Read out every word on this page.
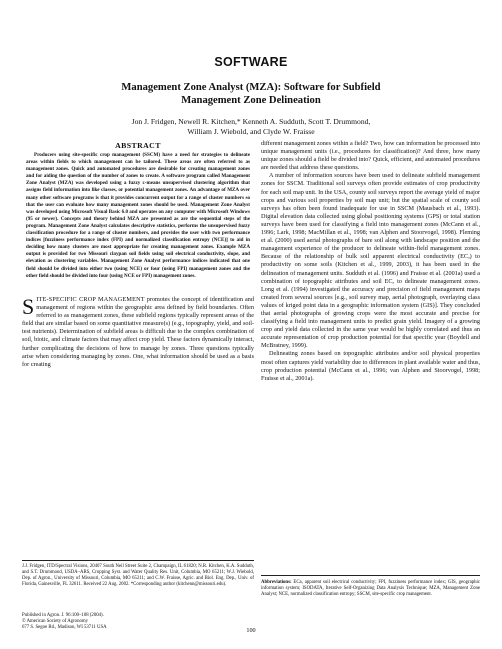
SOFTWARE
Management Zone Analyst (MZA): Software for Subfield
Management Zone Delineation
Jon J. Fridgen, Newell R. Kitchen,* Kenneth A. Sudduth, Scott T. Drummond,
William J. Wiebold, and Clyde W. Fraisse
ABSTRACT

Producers using site-specific crop management (SSCM) have a need for strategies to delineate areas within fields to which management can be tailored. These areas are often referred to as management zones. Quick and automated procedures are desirable for creating management zones and for aiding the question of the number of zones to create. A software program called Management Zone Analyst (MZA) was developed using a fuzzy c-means unsupervised clustering algorithm that assigns field information into like classes, or potential management zones. An advantage of MZA over many other software programs is that it provides concurrent output for a range of cluster numbers so that the user can evaluate how many management zones should be used. Management Zone Analyst was developed using Microsoft Visual Basic 6.0 and operates on any computer with Microsoft Windows (95 or newer). Concepts and theory behind MZA are presented as are the sequential steps of the program. Management Zone Analyst calculates descriptive statistics, performs the unsupervised fuzzy classification procedure for a range of cluster numbers, and provides the user with two performance indices [fuzziness performance index (FPI) and normalized classification entropy (NCE)] to aid in deciding how many clusters are most appropriate for creating management zones. Example MZA output is provided for two Missouri claypan soil fields using soil electrical conductivity, slope, and elevation as clustering variables. Management Zone Analyst performance indices indicated that one field should be divided into either two (using NCE) or four (using FPI) management zones and the other field should be divided into four (using NCE or FPI) management zones.

SITE-SPECIFIC CROP MANAGEMENT promotes the concept of identification and management of regions within the geographic area defined by field boundaries. Often referred to as management zones, these subfield regions typically represent areas of the field that are similar based on some quantitative measure(s) (e.g., topography, yield, and soil-test nutrients). Determination of subfield areas is difficult due to the complex combination of soil, biotic, and climate factors that may affect crop yield. These factors dynamically interact, further complicating the decisions of how to manage by zones. Three questions typically arise when considering managing by zones. One, what information should be used as a basis for creating

J.J. Fridgen, ITD/Spectral Visions, 20407 South Neil Street Suite 2, Champaign, IL 61820; N.R. Kitchen, K.A. Sudduth, and S.T. Drummond, USDA–ARS, Cropping Syst. and Water Quality Res. Unit, Columbia, MO 65211; W.J. Wiebold, Dep. of Agron., University of Missouri, Columbia, MO 65211; and C.W. Fraisse, Agric. and Biol. Eng. Dep., Univ. of Florida, Gainesville, FL 32611. Received 22 Aug. 2002. *Corresponding author (kitchenn@missouri.edu).

Published in Agron. J. 96:100–108 (2004).
© American Society of Agronomy
677 S. Segoe Rd., Madison, WI 53711 USA

different management zones within a field? Two, how can information be processed into unique management units (i.e., procedures for classification)? And three, how many unique zones should a field be divided into? Quick, efficient, and automated procedures are needed that address these questions.

A number of information sources have been used to delineate subfield management zones for SSCM. Traditional soil surveys often provide estimates of crop productivity for each soil map unit. In the USA, county soil surveys report the average yield of major crops and various soil properties by soil map unit; but the spatial scale of county soil surveys has often been found inadequate for use in SSCM (Mausbach et al., 1993). Digital elevation data collected using global positioning systems (GPS) or total station surveys have been used for classifying a field into management zones (McCann et al., 1996; Lark, 1998; MacMillan et al., 1998; van Alphen and Stoorvogel, 1998). Fleming et al. (2000) used aerial photographs of bare soil along with landscape position and the management experience of the producer to delineate within-field management zones. Because of the relationship of bulk soil apparent electrical conductivity (ECₐ) to productivity on some soils (Kitchen et al., 1999, 2003), it has been used in the delineation of management units. Sudduth et al. (1996) and Fraisse et al. (2001a) used a combination of topographic attributes and soil ECₐ to delineate management zones. Long et al. (1994) investigated the accuracy and precision of field management maps created from several sources [e.g., soil survey map, aerial photograph, overlaying class values of kriged point data in a geographic information system (GIS)]. They concluded that aerial photographs of growing crops were the most accurate and precise for classifying a field into management units to predict grain yield. Imagery of a growing crop and yield data collected in the same year would be highly correlated and thus an accurate representation of crop production potential for that specific year (Boydell and McBratney, 1999).

Delineating zones based on topographic attributes and/or soil physical properties most often captures yield variability due to differences in plant available water and thus, crop production potential (McCann et al., 1996; van Alphen and Stoorvogel, 1998; Fraisse et al., 2001a).

Abbreviations: ECa, apparent soil electrical conductivity; FPI, fuzziness performance index; GIS, geographic information system; ISODATA, Iterative Self-Organizing Data Analysis Technique; MZA, Management Zone Analyst; NCE, normalized classification entropy; SSCM, site-specific crop management.

100
